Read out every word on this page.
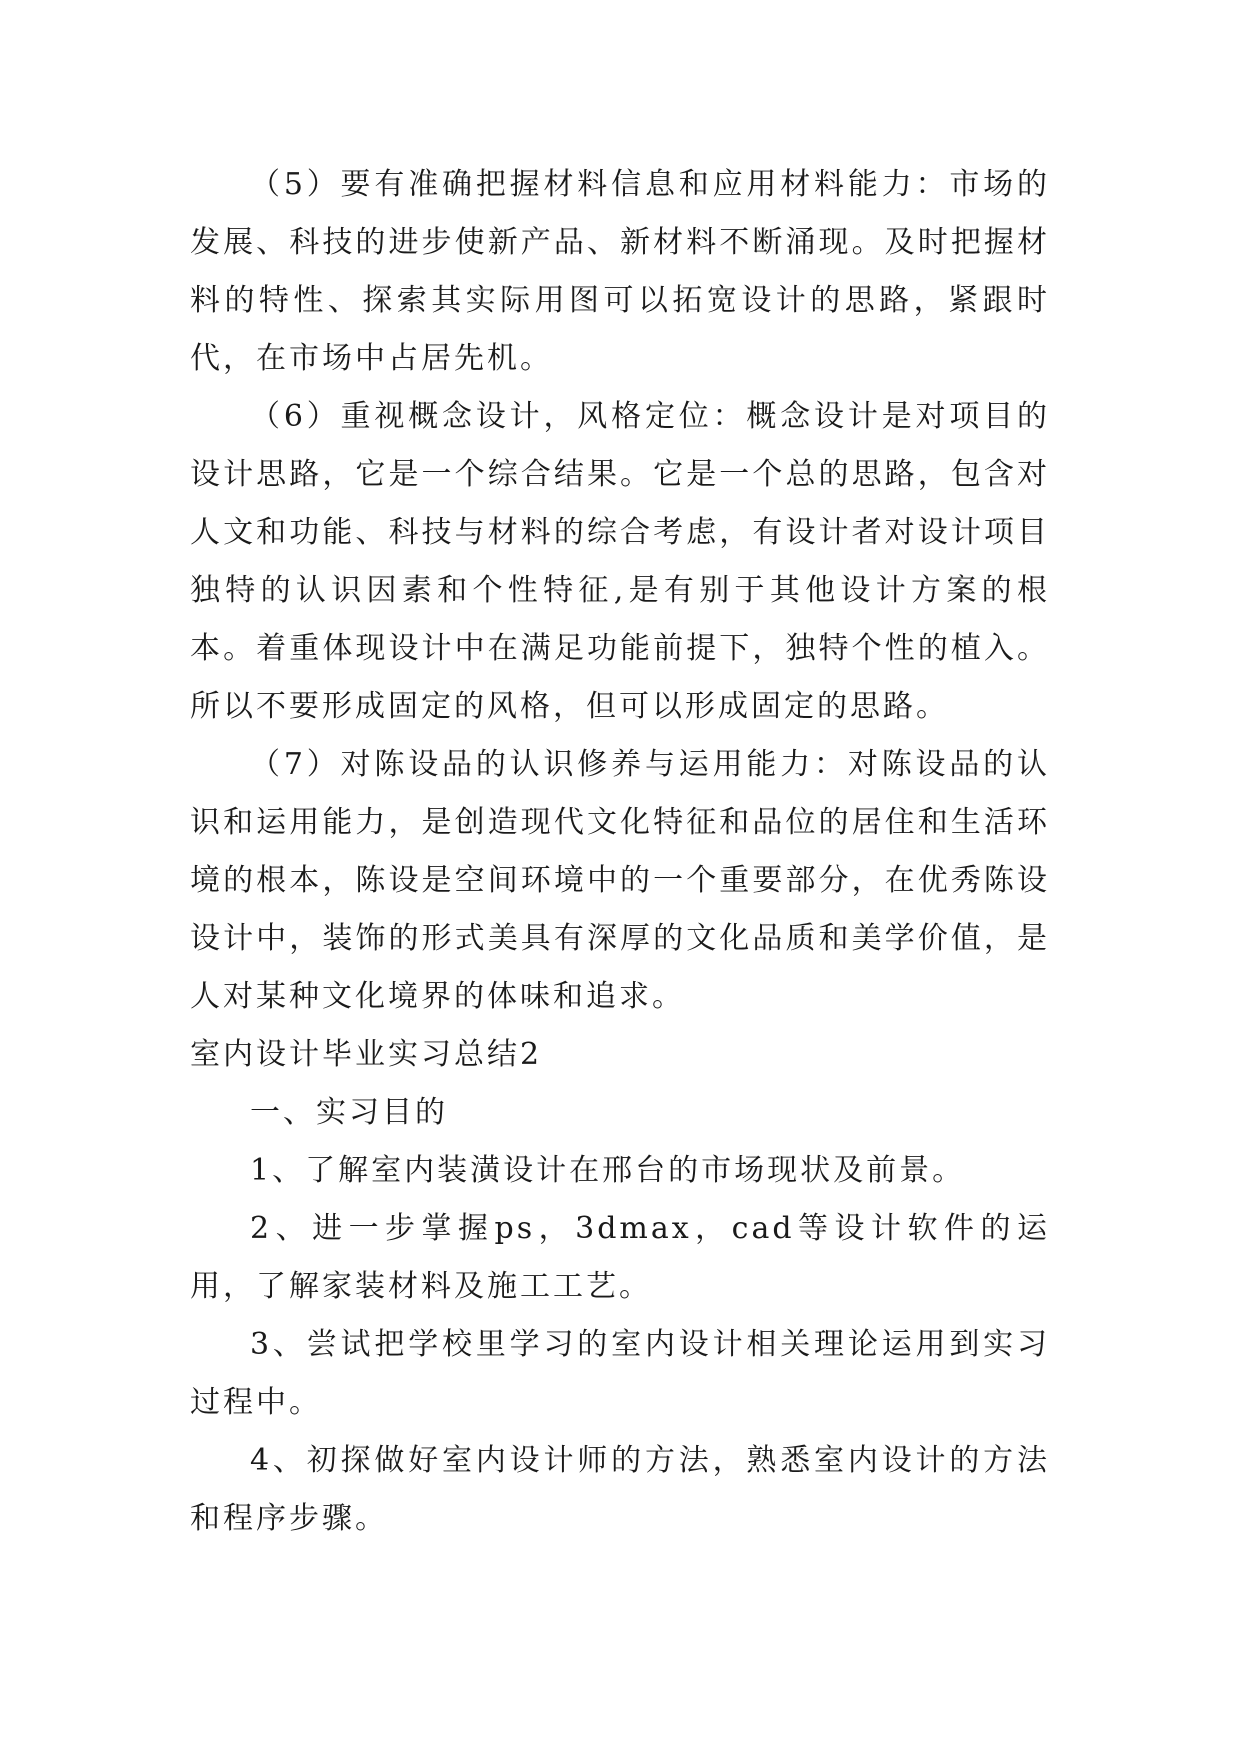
（5）要有准确把握材料信息和应用材料能力：市场的发展、科技的进步使新产品、新材料不断涌现。及时把握材料的特性、探索其实际用图可以拓宽设计的思路，紧跟时代，在市场中占居先机。

（6）重视概念设计，风格定位：概念设计是对项目的设计思路，它是一个综合结果。它是一个总的思路，包含对人文和功能、科技与材料的综合考虑，有设计者对设计项目独特的认识因素和个性特征,是有别于其他设计方案的根本。着重体现设计中在满足功能前提下，独特个性的植入。所以不要形成固定的风格，但可以形成固定的思路。

（7）对陈设品的认识修养与运用能力：对陈设品的认识和运用能力，是创造现代文化特征和品位的居住和生活环境的根本，陈设是空间环境中的一个重要部分，在优秀陈设设计中，装饰的形式美具有深厚的文化品质和美学价值，是人对某种文化境界的体味和追求。

室内设计毕业实习总结2

一、实习目的

1、了解室内装潢设计在邢台的市场现状及前景。

2、进一步掌握ps，3dmax，cad等设计软件的运用，了解家装材料及施工工艺。

3、尝试把学校里学习的室内设计相关理论运用到实习过程中。

4、初探做好室内设计师的方法，熟悉室内设计的方法和程序步骤。
